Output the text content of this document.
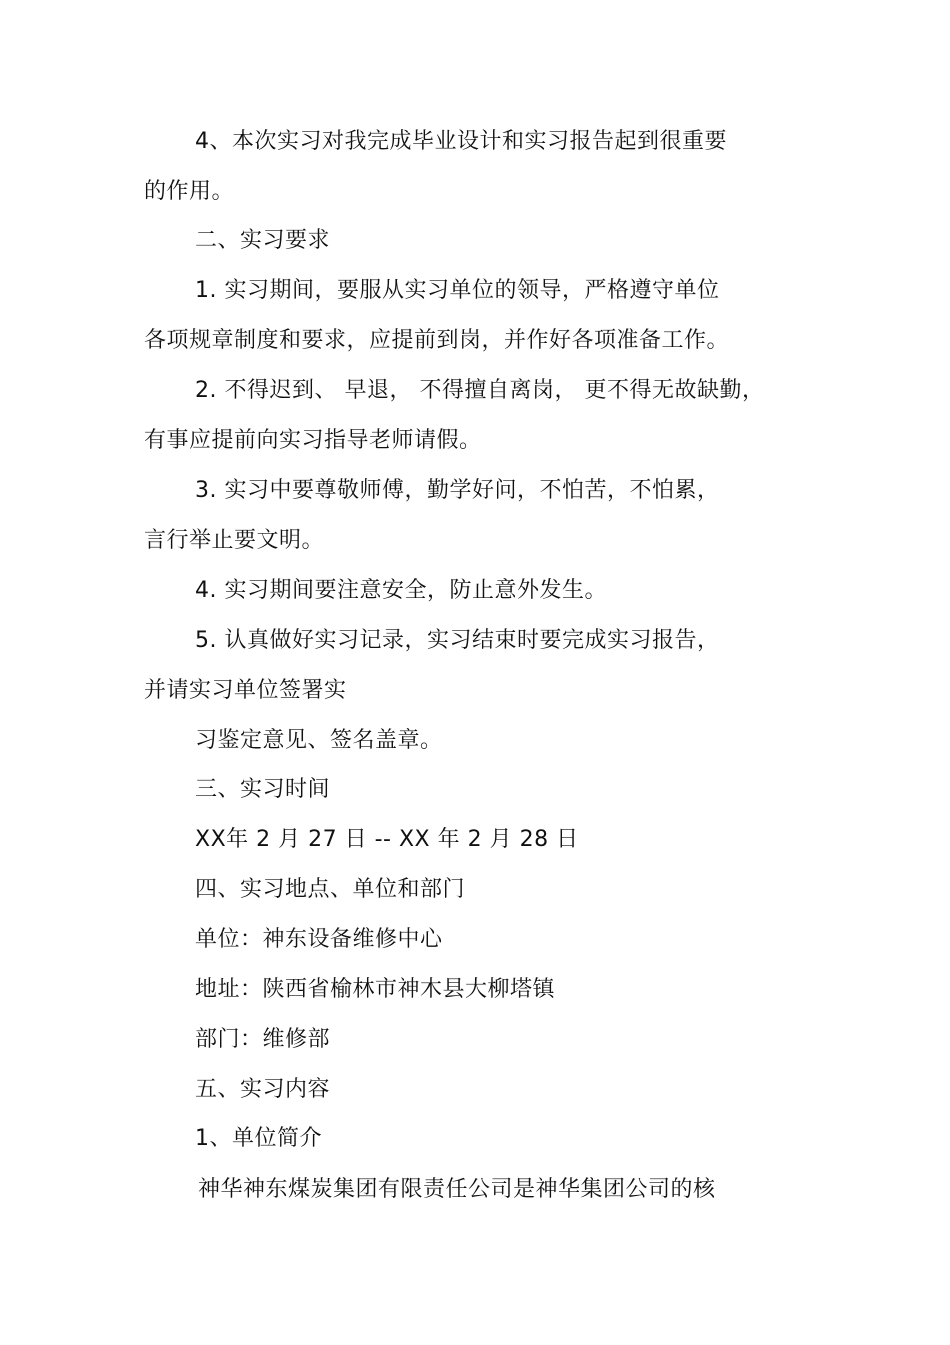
4、本次实习对我完成毕业设计和实习报告起到很重要

的作用。

二、实习要求

1. 实习期间，要服从实习单位的领导，严格遵守单位

各项规章制度和要求，应提前到岗，并作好各项准备工作。

2. 不得迟到、 早退， 不得擅自离岗， 更不得无故缺勤，

有事应提前向实习指导老师请假。

3. 实习中要尊敬师傅，勤学好问，不怕苦，不怕累，

言行举止要文明。

4. 实习期间要注意安全，防止意外发生。

5. 认真做好实习记录，实习结束时要完成实习报告，

并请实习单位签署实

习鉴定意见、签名盖章。

三、实习时间

XX年 2 月 27 日 -- XX 年 2 月 28 日

四、实习地点、单位和部门

单位：神东设备维修中心

地址：陕西省榆林市神木县大柳塔镇

部门：维修部

五、实习内容

1、单位简介

神华神东煤炭集团有限责任公司是神华集团公司的核
